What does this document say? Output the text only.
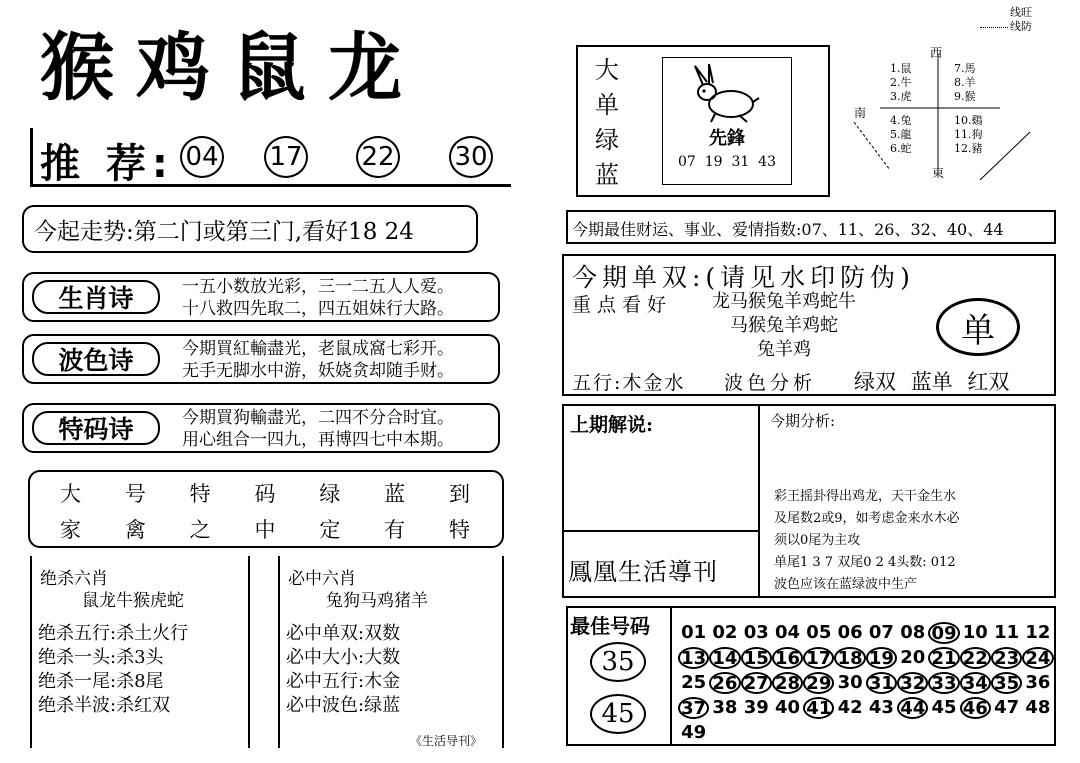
猴鸡鼠龙
推 荐: 04 17 22 30
今起走势:第二门或第三门,看好18 24
生肖诗	一五小数放光彩，三一二五人人爱。
十八救四先取二，四五姐妹行大路。
波色诗	今期買紅輸盡光，老鼠成窩七彩开。
无手无脚水中游，妖娆贪却随手财。
特码诗	今期買狗輸盡光，二四不分合时宜。
用心组合一四九，再博四七中本期。
大 号 特 码 绿 蓝 到
家 禽 之 中 定 有 特
绝杀六肖
鼠龙牛猴虎蛇
绝杀五行:杀土火行
绝杀一头:杀3头
绝杀一尾:杀8尾
绝杀半波:杀红双
必中六肖
兔狗马鸡猪羊
必中单双:双数
必中大小:大数
必中五行:木金
必中波色:绿蓝
《生活导刊》
大
单
绿
蓝
先鋒
07  19  31  43
西
南
東
1.鼠
2.牛
3.虎
4.兔
5.龍
6.蛇
7.馬
8.羊
9.猴
10.鷄
11.狗
12.豬
线旺
线防
今期最佳财运、事业、爱情指数:07、11、26、32、40、44
今期单双:(请见水印防伪)
重点看好	龙马猴兔羊鸡蛇牛
马猴兔羊鸡蛇
兔羊鸡	单
五行:木金水 波色分析 绿双 蓝单 红双
上期解说:
鳳凰生活導刊
今期分析:
彩王摇卦得出鸡龙，天干金生水
及尾数2或9，如考虑金来水木必
须以0尾为主攻
单尾1 3 7 双尾0 2 4头数: 012
波色应该在蓝绿波中生产
最佳号码
35
45
01 02 03 04 05 06 07 08 09 10 11 12
13 14 15 16 17 18 19 20 21 22 23 24
25 26 27 28 29 30 31 32 33 34 35 36
37 38 39 40 41 42 43 44 45 46 47 48
49
